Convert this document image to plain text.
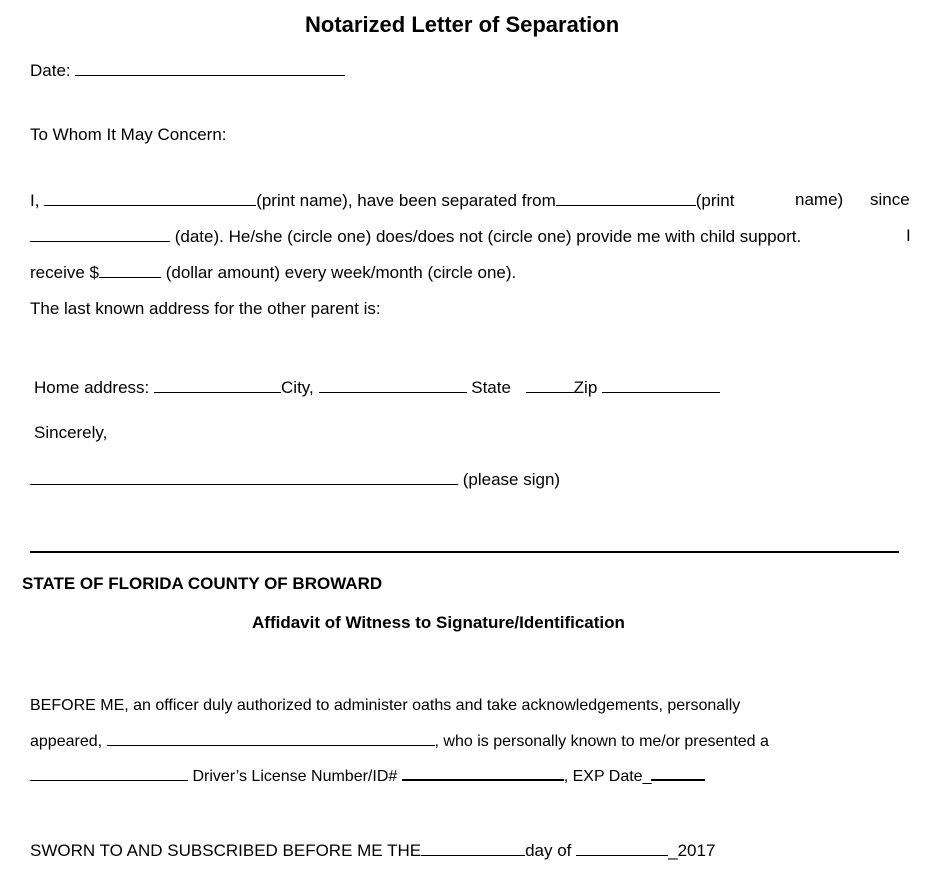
Notarized Letter of Separation
Date:
To Whom It May Concern:
I,	(print name), have been separated from	(print	name) since
(date). He/she (circle one) does/does not (circle one) provide me with child support.	I
receive $	(dollar amount) every week/month (circle one).
The last known address for the other parent is:
Home address:	City,	State	Zip
Sincerely,
(please sign)
STATE OF FLORIDA COUNTY OF BROWARD
Affidavit of Witness to Signature/Identification
BEFORE ME, an officer duly authorized to administer oaths and take acknowledgements, personally
appeared,	, who is personally known to me/or presented a
Driver’s License Number/ID#	, EXP Date_
SWORN TO AND SUBSCRIBED BEFORE ME THE	day of	_2017
